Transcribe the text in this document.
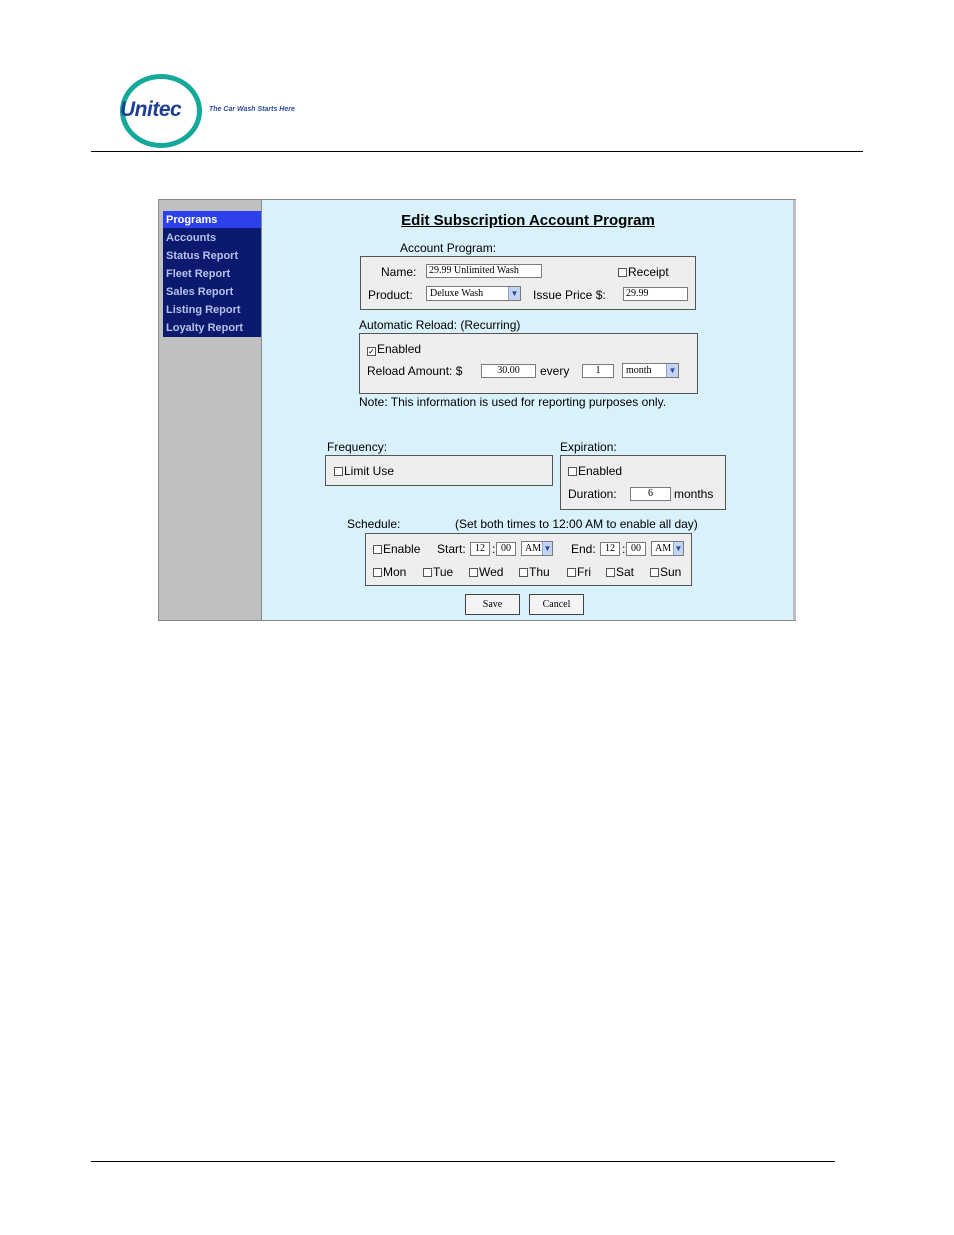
Unitec	The Car Wash Starts Here
Programs
Accounts
Status Report
Fleet Report
Sales Report
Listing Report
Loyalty Report
Edit Subscription Account Program
Account Program:
Name:	29.99 Unlimited Wash	Receipt
Product:	Deluxe Wash	▼ Issue Price $:	29.99
Automatic Reload: (Recurring)
✓ Enabled
Reload Amount: $	30.00	every	1	month	▼
Note: This information is used for reporting purposes only.
Frequency:
Limit Use
Expiration:
Enabled
Duration:	6	months
Schedule:	(Set both times to 12:00 AM to enable all day)
Enable Start: 12 : 00	AM ▼ End: 12 : 00	AM ▼
Mon	Tue	Wed	Thu	Fri	Sat	Sun
Save	Cancel
